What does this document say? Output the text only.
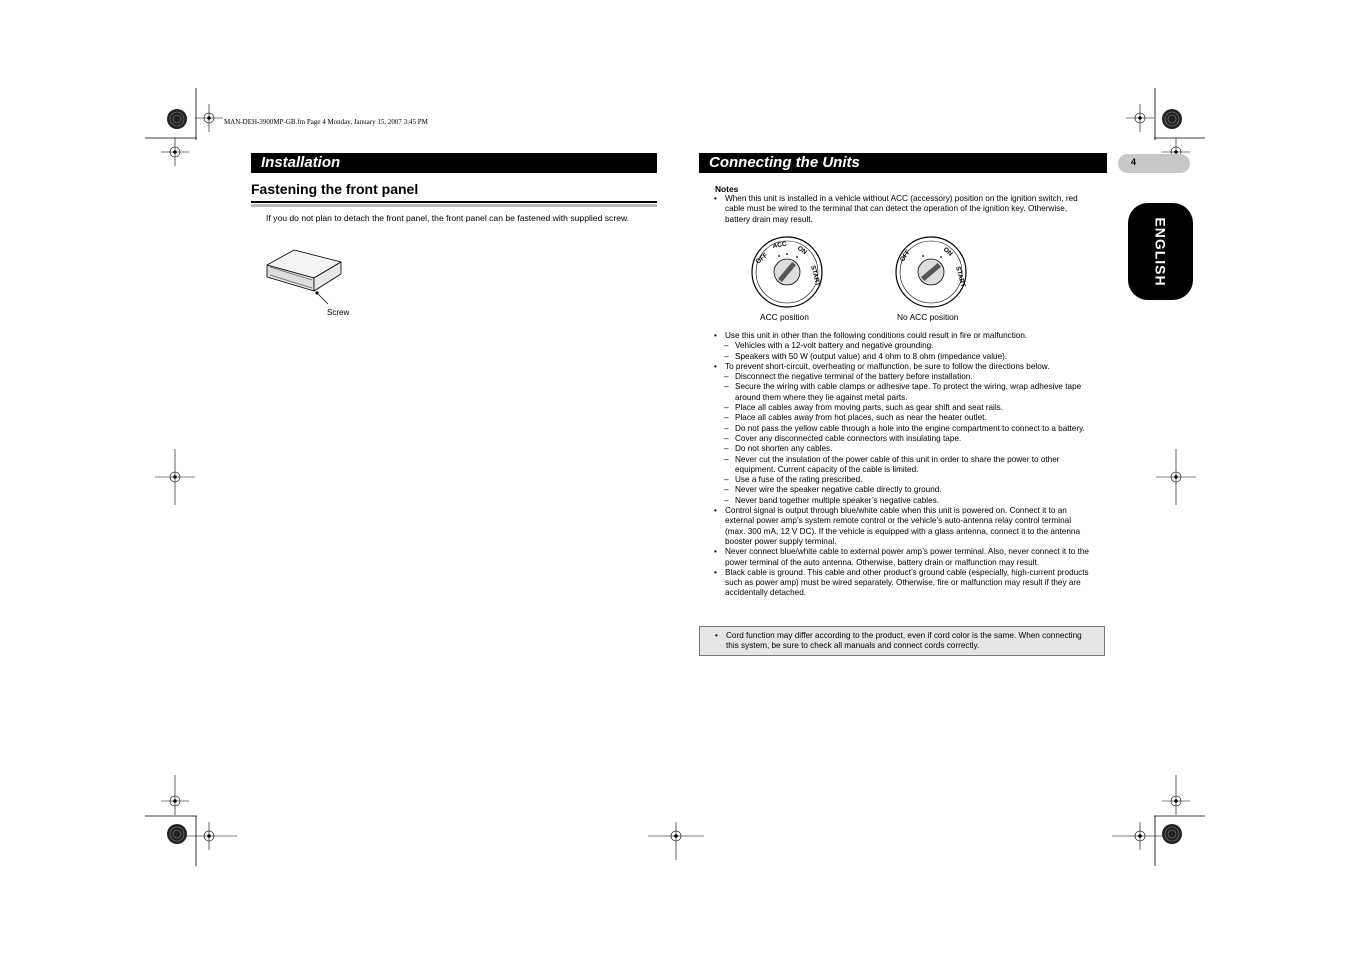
MAN-DEH-3900MP-GB.fm Page 4 Monday, January 15, 2007 3:45 PM
Installation
Fastening the front panel
If you do not plan to detach the front panel, the front panel can be fastened with supplied screw.
Screw
Connecting the Units
Notes
• When this unit is installed in a vehicle without ACC (accessory) position on the ignition switch, red cable must be wired to the terminal that can detect the operation of the ignition key. Otherwise, battery drain may result.
OFF
ACC ON
START
ACC position
OFF	ON
START
No ACC position
• Use this unit in other than the following conditions could result in fire or malfunction.
– Vehicles with a 12-volt battery and negative grounding.
– Speakers with 50 W (output value) and 4 ohm to 8 ohm (impedance value).
• To prevent short-circuit, overheating or malfunction, be sure to follow the directions below.
– Disconnect the negative terminal of the battery before installation.
– Secure the wiring with cable clamps or adhesive tape. To protect the wiring, wrap adhesive tape around them where they lie against metal parts.
– Place all cables away from moving parts, such as gear shift and seat rails.
– Place all cables away from hot places, such as near the heater outlet.
– Do not pass the yellow cable through a hole into the engine compartment to connect to a battery.
– Cover any disconnected cable connectors with insulating tape.
– Do not shorten any cables.
– Never cut the insulation of the power cable of this unit in order to share the power to other equipment. Current capacity of the cable is limited.
– Use a fuse of the rating prescribed.
– Never wire the speaker negative cable directly to ground.
– Never band together multiple speaker’s negative cables.
• Control signal is output through blue/white cable when this unit is powered on. Connect it to an external power amp’s system remote control or the vehicle’s auto-antenna relay control terminal (max. 300 mA, 12 V DC). If the vehicle is equipped with a glass antenna, connect it to the antenna booster power supply terminal.
• Never connect blue/white cable to external power amp’s power terminal. Also, never connect it to the power terminal of the auto antenna. Otherwise, battery drain or malfunction may result.
• Black cable is ground. This cable and other product’s ground cable (especially, high-current products such as power amp) must be wired separately. Otherwise, fire or malfunction may result if they are accidentally detached.
• Cord function may differ according to the product, even if cord color is the same. When connecting this system, be sure to check all manuals and connect cords correctly.
4
ENGLISH
